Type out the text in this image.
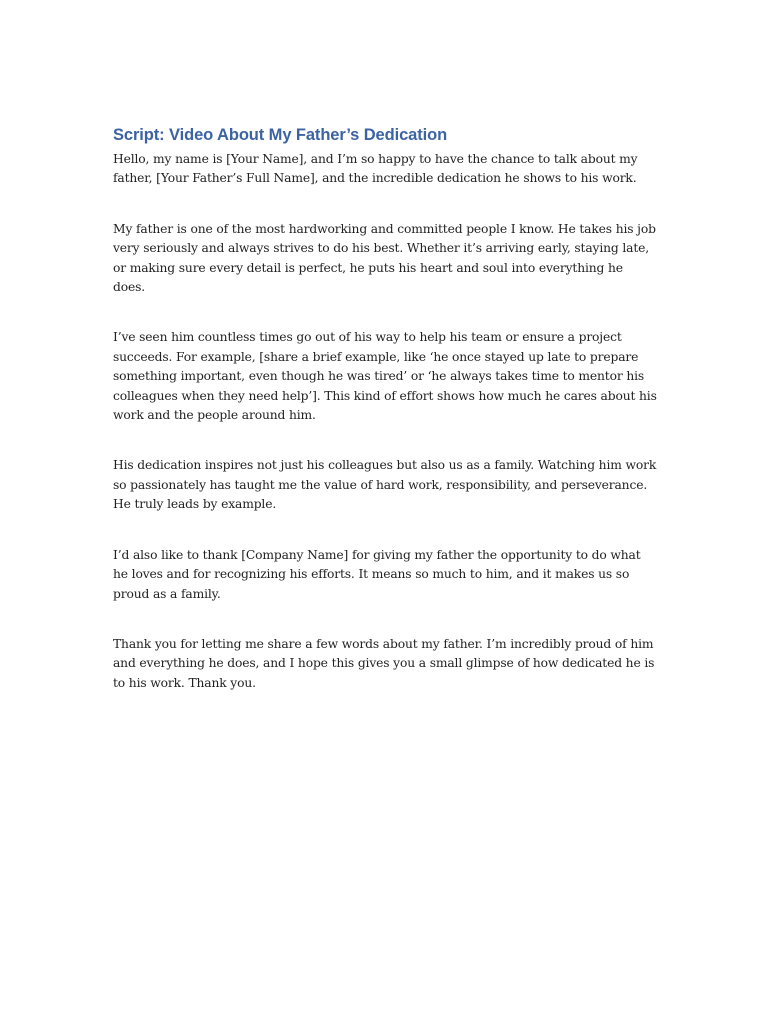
Script: Video About My Father’s Dedication

Hello, my name is [Your Name], and I’m so happy to have the chance to talk about my father, [Your Father’s Full Name], and the incredible dedication he shows to his work.

My father is one of the most hardworking and committed people I know. He takes his job very seriously and always strives to do his best. Whether it’s arriving early, staying late, or making sure every detail is perfect, he puts his heart and soul into everything he does.

I’ve seen him countless times go out of his way to help his team or ensure a project succeeds. For example, [share a brief example, like ‘he once stayed up late to prepare something important, even though he was tired’ or ‘he always takes time to mentor his colleagues when they need help’]. This kind of effort shows how much he cares about his work and the people around him.

His dedication inspires not just his colleagues but also us as a family. Watching him work so passionately has taught me the value of hard work, responsibility, and perseverance. He truly leads by example.

I’d also like to thank [Company Name] for giving my father the opportunity to do what he loves and for recognizing his efforts. It means so much to him, and it makes us so proud as a family.

Thank you for letting me share a few words about my father. I’m incredibly proud of him and everything he does, and I hope this gives you a small glimpse of how dedicated he is to his work. Thank you.
